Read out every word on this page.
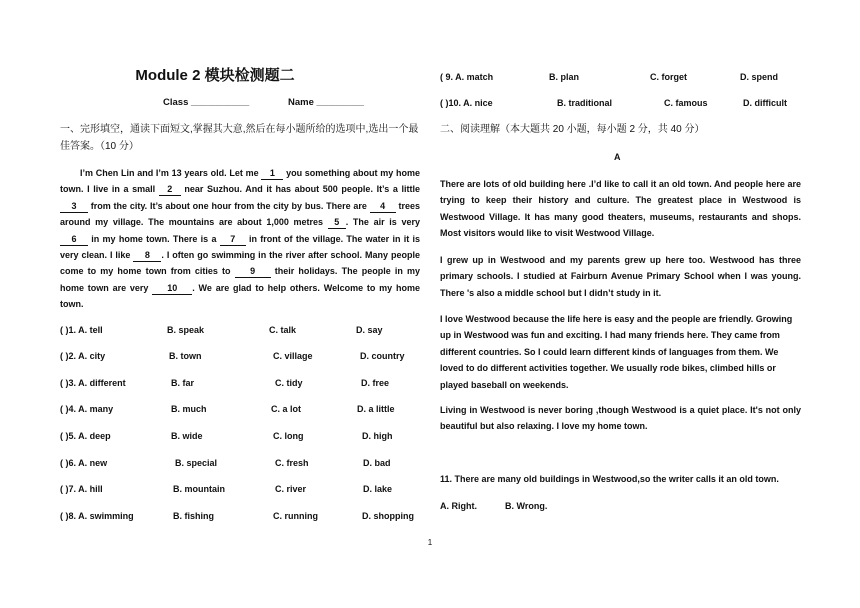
Module 2 模块检测题二
Class ___________	Name _________
一、完形填空，通读下面短文,掌握其大意,然后在每小题所给的选项中,选出一个最佳答案。（10 分）
I’m Chen Lin and I’m 13 years old. Let me 1 you something about my home town. I live in a small 2 near Suzhou. And it has about 500 people. It’s a little 3 from the city. It’s about one hour from the city by bus. There are 4 trees around my village. The mountains are about 1,000 metres 5 . The air is very 6 in my home town. There is a 7 in front of the village. The water in it is very clean. I like 8 . I often go swimming in the river after school. Many people come to my home town from cities to 9 their holidays. The people in my home town are very 10 . We are glad to help others. Welcome to my home town.
( )1. A. tell	B. speak	C. talk	D. say
( )2. A. city	B. town	C. village	D. country
( )3. A. different	B. far	C. tidy	D. free
( )4. A. many	B. much	C. a lot	D. a little
( )5. A. deep	B. wide	C. long	D. high
( )6. A. new	B. special	C. fresh	D. bad
( )7. A. hill	B. mountain	C. river	D. lake
( )8. A. swimming	B. fishing	C. running	D. shopping
( 9. A. match	B. plan	C. forget	D. spend
( )10. A. nice	B. traditional	C. famous	D. difficult
二、阅读理解（本大题共 20 小题，每小题 2 分，共 40 分）
A
There are lots of old building here .I’d like to call it an old town. And people here are trying to keep their history and culture. The greatest place in Westwood is Westwood Village. It has many good theaters, museums, restaurants and shops. Most visitors would like to visit Westwood Village.
I grew up in Westwood and my parents grew up here too. Westwood has three primary schools. I studied at Fairburn Avenue Primary School when I was young. There 's also a middle school but I didn’t study in it.
I love Westwood because the life here is easy and the people are friendly. Growing up in Westwood was fun and exciting. I had many friends here. They came from different countries. So I could learn different kinds of languages from them. We loved to do different activities together. We usually rode bikes, climbed hills or played baseball on weekends.
Living in Westwood is never boring ,though Westwood is a quiet place. It's not only beautiful but also relaxing. I love my home town.
11. There are many old buildings in Westwood,so the writer calls it an old town.
A. Right.	B. Wrong.
1
